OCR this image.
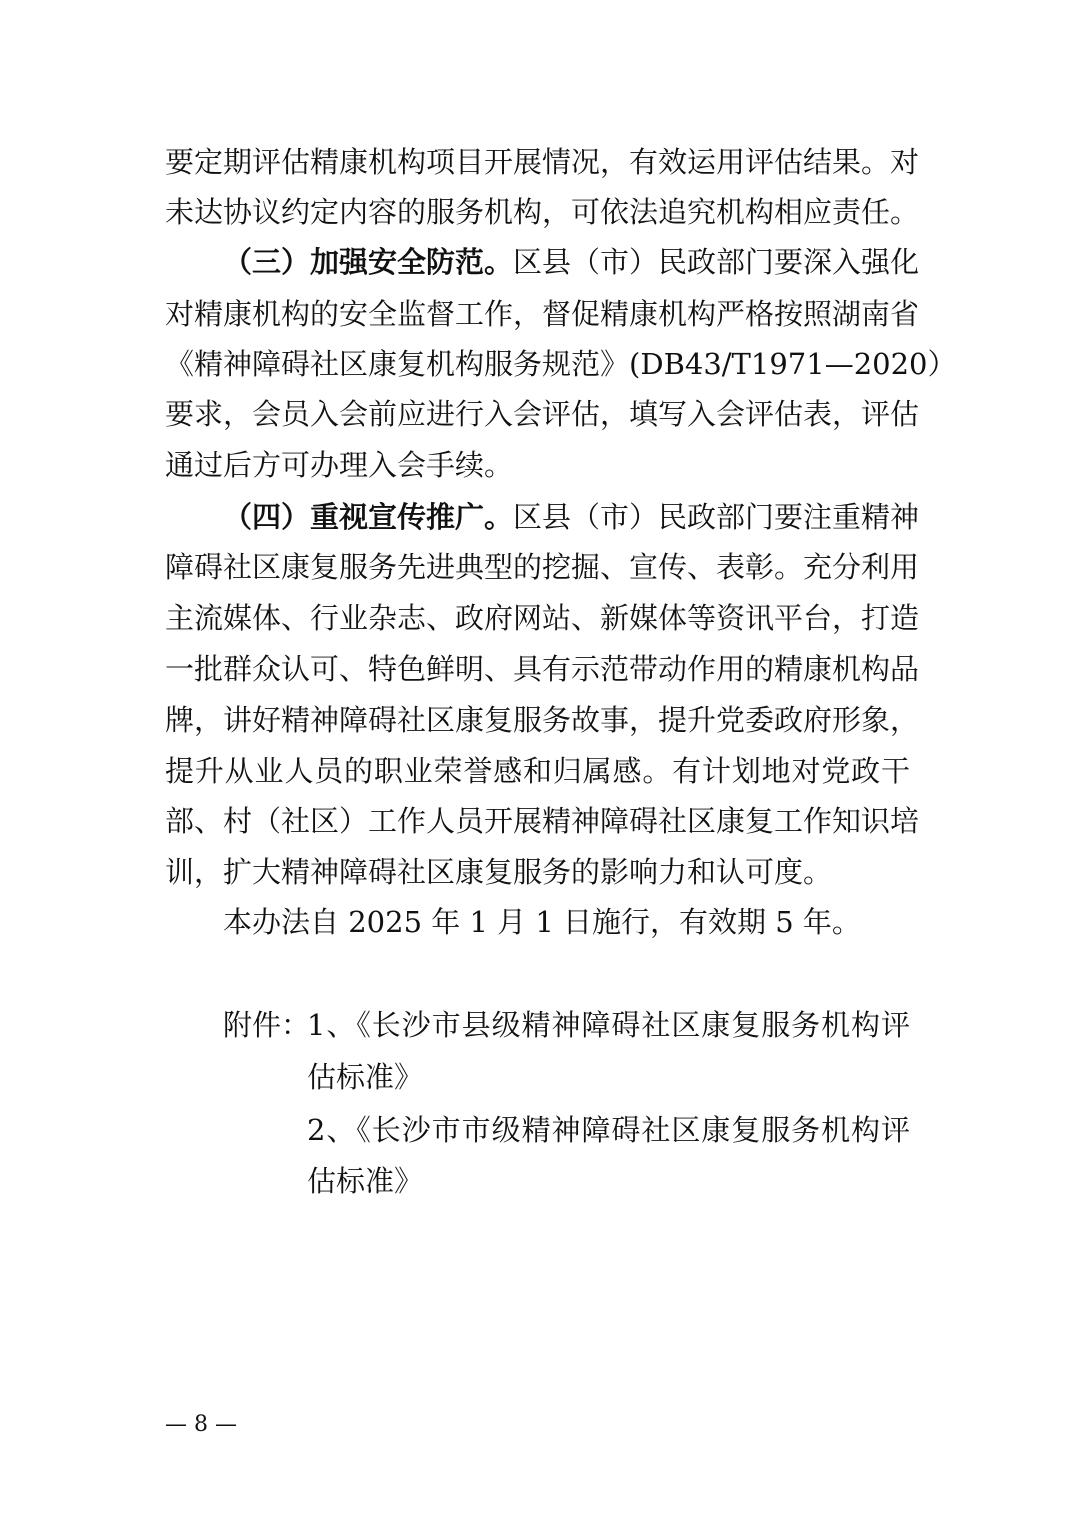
要定期评估精康机构项目开展情况，有效运用评估结果。对
未达协议约定内容的服务机构，可依法追究机构相应责任。
（三）加强安全防范。区县（市）民政部门要深入强化
对精康机构的安全监督工作，督促精康机构严格按照湖南省
《精神障碍社区康复机构服务规范》(DB43/T1971—2020）
要求，会员入会前应进行入会评估，填写入会评估表，评估
通过后方可办理入会手续。
（四）重视宣传推广。区县（市）民政部门要注重精神
障碍社区康复服务先进典型的挖掘、宣传、表彰。充分利用
主流媒体、行业杂志、政府网站、新媒体等资讯平台，打造
一批群众认可、特色鲜明、具有示范带动作用的精康机构品
牌，讲好精神障碍社区康复服务故事，提升党委政府形象，
提升从业人员的职业荣誉感和归属感。有计划地对党政干
部、村（社区）工作人员开展精神障碍社区康复工作知识培
训，扩大精神障碍社区康复服务的影响力和认可度。
本办法自 2025 年 1 月 1 日施行，有效期 5 年。
附件：
1、《长沙市县级精神障碍社区康复服务机构评
估标准》
2、《长沙市市级精神障碍社区康复服务机构评
估标准》
— 8 —
